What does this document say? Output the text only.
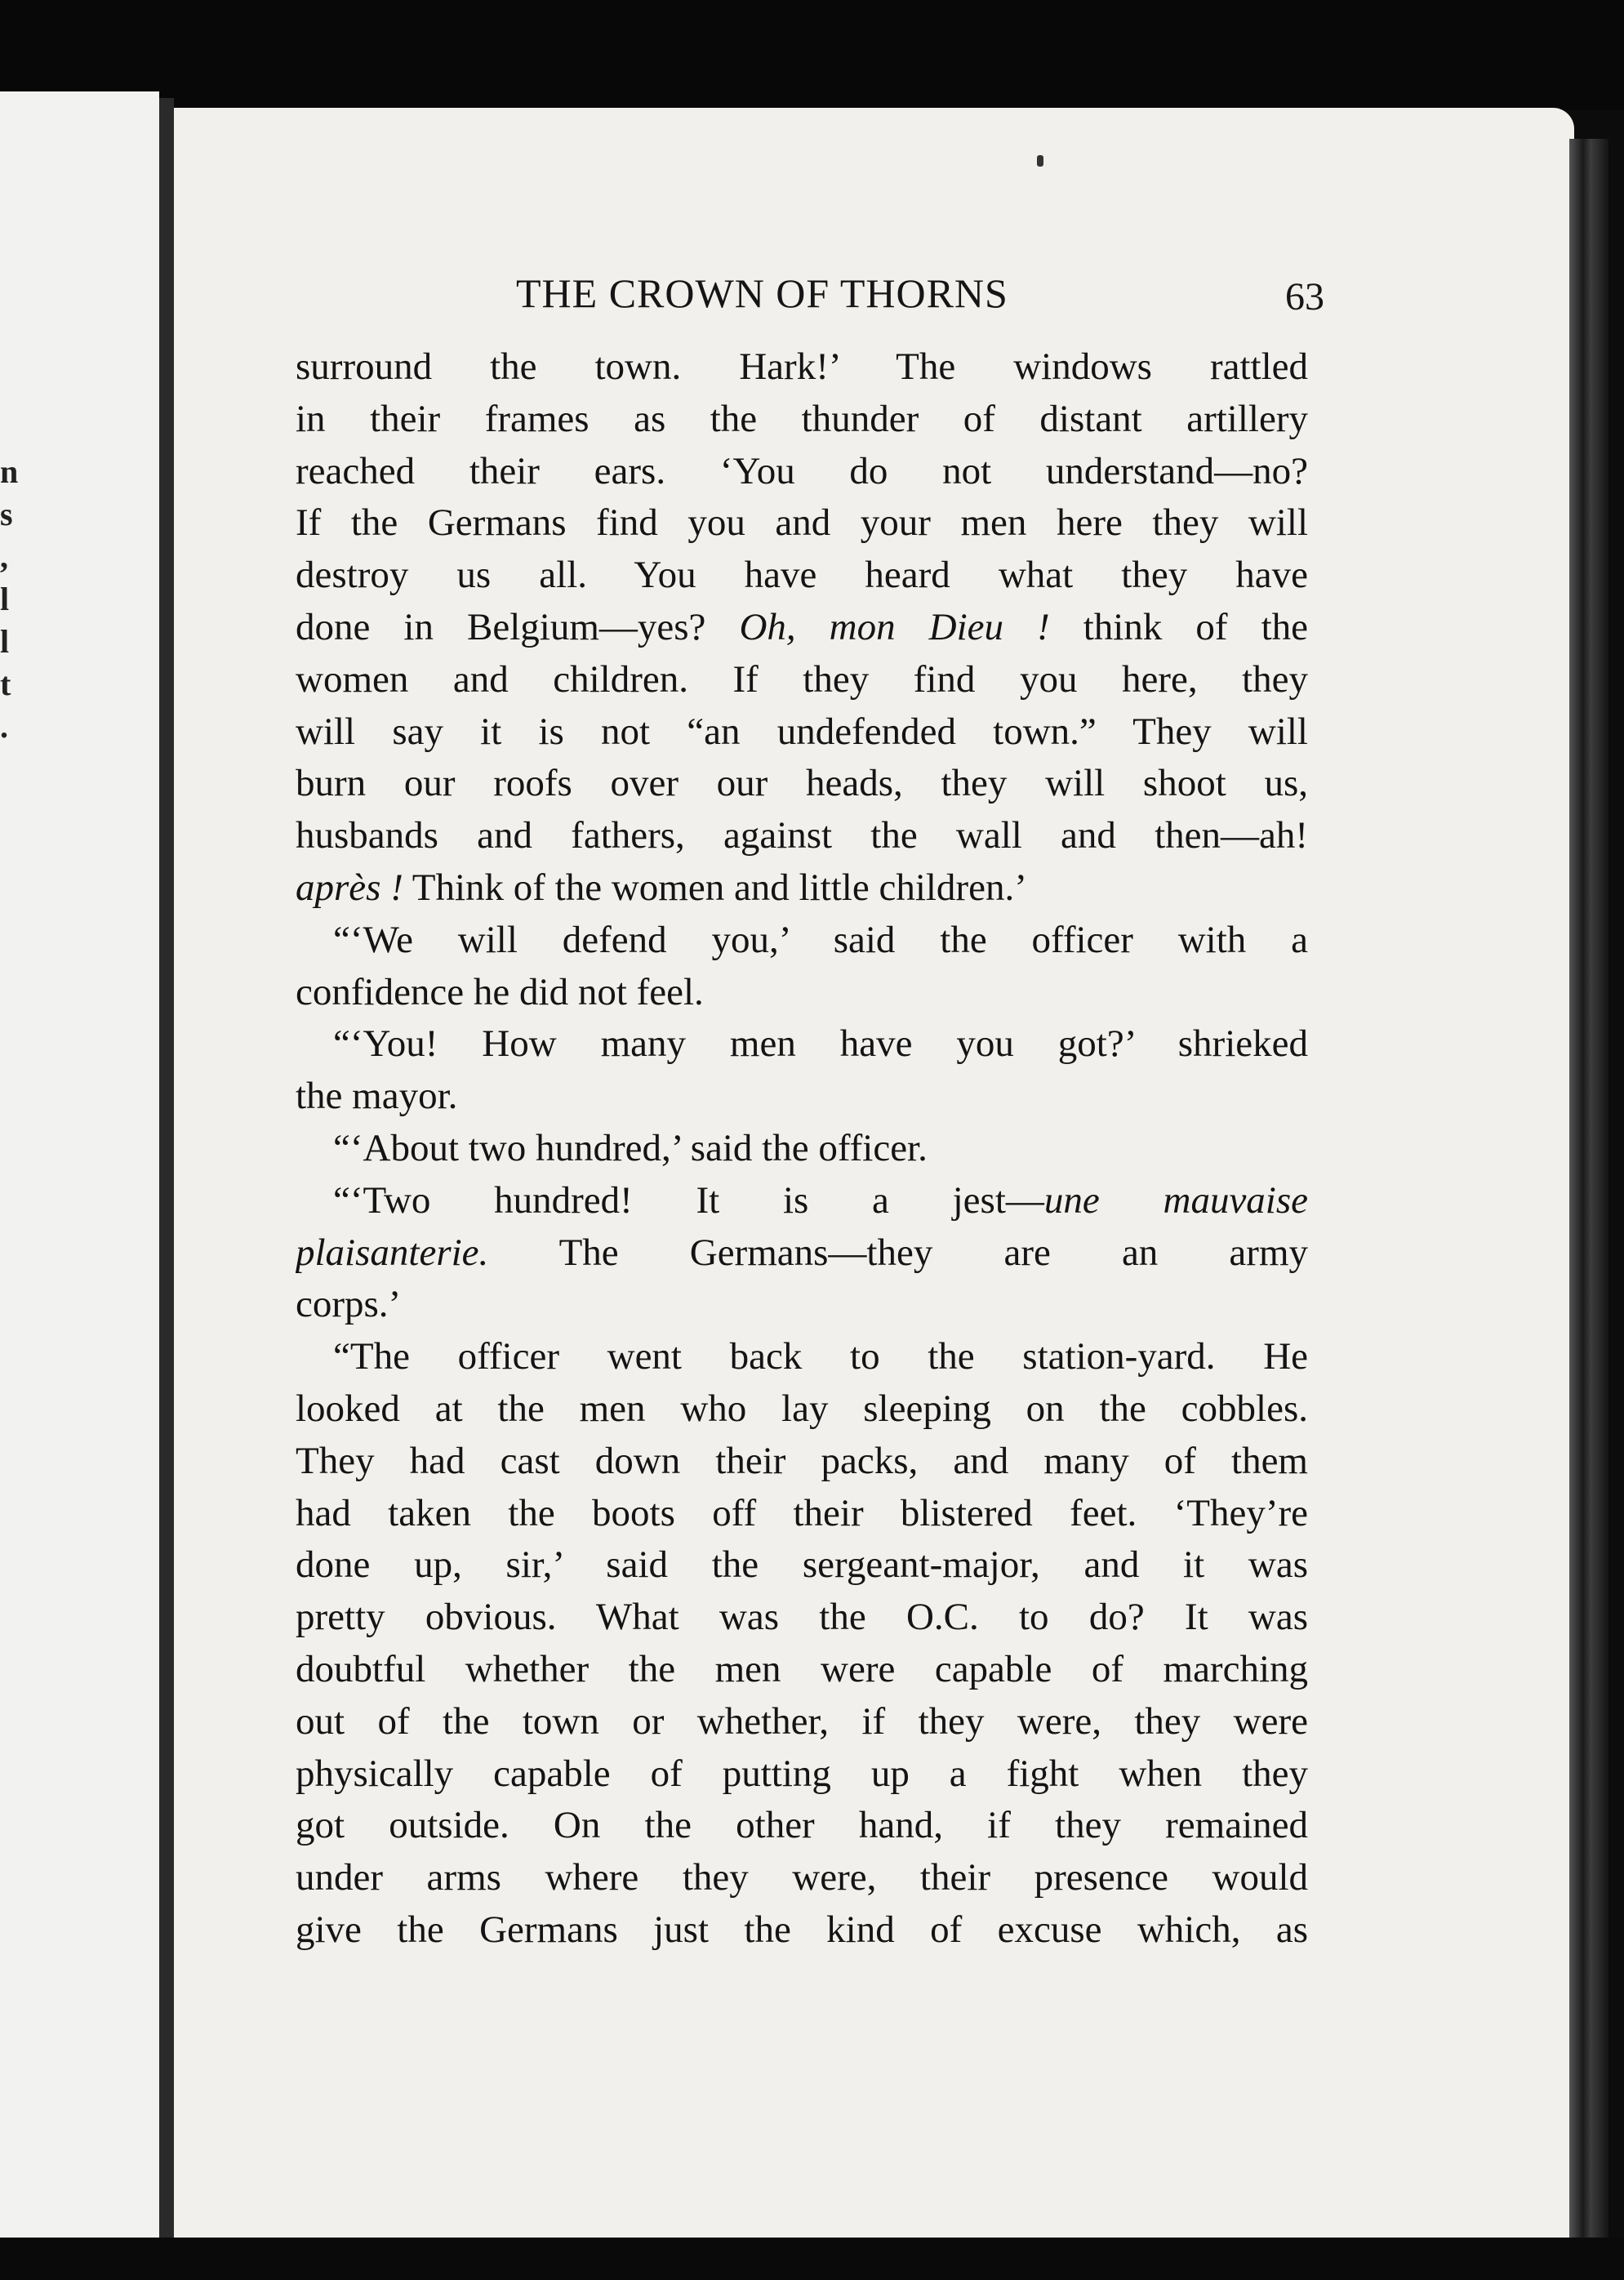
n
s
,
l
l
t
.
THE CROWN OF THORNS	63
surround the town. Hark!’ The windows rattled
in their frames as the thunder of distant artillery
reached their ears. ‘You do not understand—no?
If the Germans find you and your men here they will
destroy us all. You have heard what they have
done in Belgium—yes? Oh, mon Dieu ! think of the
women and children. If they find you here, they
will say it is not “an undefended town.” They will
burn our roofs over our heads, they will shoot us,
husbands and fathers, against the wall and then—ah!
après ! Think of the women and little children.’
“‘We will defend you,’ said the officer with a
confidence he did not feel.
“‘You! How many men have you got?’ shrieked
the mayor.
“‘About two hundred,’ said the officer.
“‘Two hundred! It is a jest—une mauvaise
plaisanterie. The Germans—they are an army
corps.’
“The officer went back to the station-yard. He
looked at the men who lay sleeping on the cobbles.
They had cast down their packs, and many of them
had taken the boots off their blistered feet. ‘They’re
done up, sir,’ said the sergeant-major, and it was
pretty obvious. What was the O.C. to do? It was
doubtful whether the men were capable of marching
out of the town or whether, if they were, they were
physically capable of putting up a fight when they
got outside. On the other hand, if they remained
under arms where they were, their presence would
give the Germans just the kind of excuse which, as
